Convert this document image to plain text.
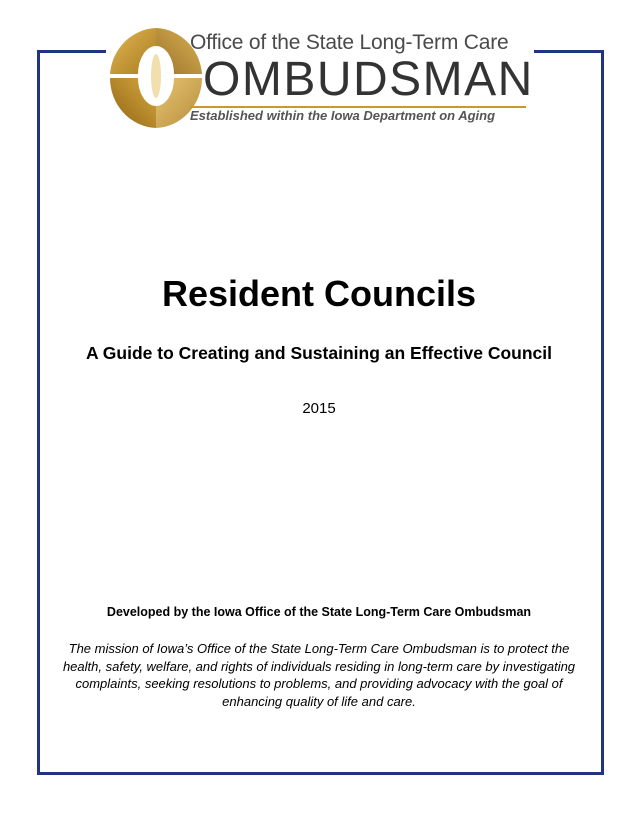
Office of the State Long-Term Care
OMBUDSMAN
Established within the Iowa Department on Aging
Resident Councils
A Guide to Creating and Sustaining an Effective Council

2015

Developed by the Iowa Office of the State Long-Term Care Ombudsman

The mission of Iowa’s Office of the State Long-Term Care Ombudsman is to protect the health, safety, welfare, and rights of individuals residing in long-term care by investigating complaints, seeking resolutions to problems, and providing advocacy with the goal of enhancing quality of life and care.
